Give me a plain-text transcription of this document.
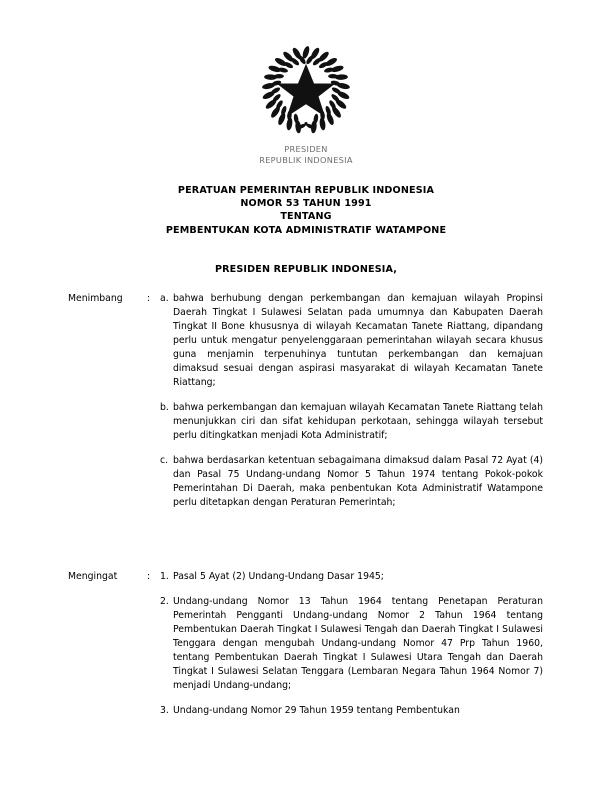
PRESIDEN
REPUBLIK INDONESIA
PERATUAN PEMERINTAH REPUBLIK INDONESIA
NOMOR 53 TAHUN 1991
TENTANG
PEMBENTUKAN KOTA ADMINISTRATIF WATAMPONE
PRESIDEN REPUBLIK INDONESIA,
Menimbang	:	a. bahwa berhubung dengan perkembangan dan kemajuan wilayah Propinsi Daerah Tingkat I Sulawesi Selatan pada umumnya dan Kabupaten Daerah Tingkat II Bone khususnya di wilayah Kecamatan Tanete Riattang, dipandang perlu untuk mengatur penyelenggaraan pemerintahan wilayah secara khusus guna menjamin terpenuhinya tuntutan perkembangan dan kemajuan dimaksud sesuai dengan aspirasi masyarakat di wilayah Kecamatan Tanete Riattang;
b. bahwa perkembangan dan kemajuan wilayah Kecamatan Tanete Riattang telah menunjukkan ciri dan sifat kehidupan perkotaan, sehingga wilayah tersebut perlu ditingkatkan menjadi Kota Administratif;
c. bahwa berdasarkan ketentuan sebagaimana dimaksud dalam Pasal 72 Ayat (4) dan Pasal 75 Undang-undang Nomor 5 Tahun 1974 tentang Pokok-pokok Pemerintahan Di Daerah, maka penbentukan Kota Administratif Watampone perlu ditetapkan dengan Peraturan Pemerintah;
Mengingat	:	1. Pasal 5 Ayat (2) Undang-Undang Dasar 1945;
2. Undang-undang Nomor 13 Tahun 1964 tentang Penetapan Peraturan Pemerintah Pengganti Undang-undang Nomor 2 Tahun 1964 tentang Pembentukan Daerah Tingkat I Sulawesi Tengah dan Daerah Tingkat I Sulawesi Tenggara dengan mengubah Undang-undang Nomor 47 Prp Tahun 1960, tentang Pembentukan Daerah Tingkat I Sulawesi Utara Tengah dan Daerah Tingkat I Sulawesi Selatan Tenggara (Lembaran Negara Tahun 1964 Nomor 7) menjadi Undang-undang;
3. Undang-undang Nomor 29 Tahun 1959 tentang Pembentukan
